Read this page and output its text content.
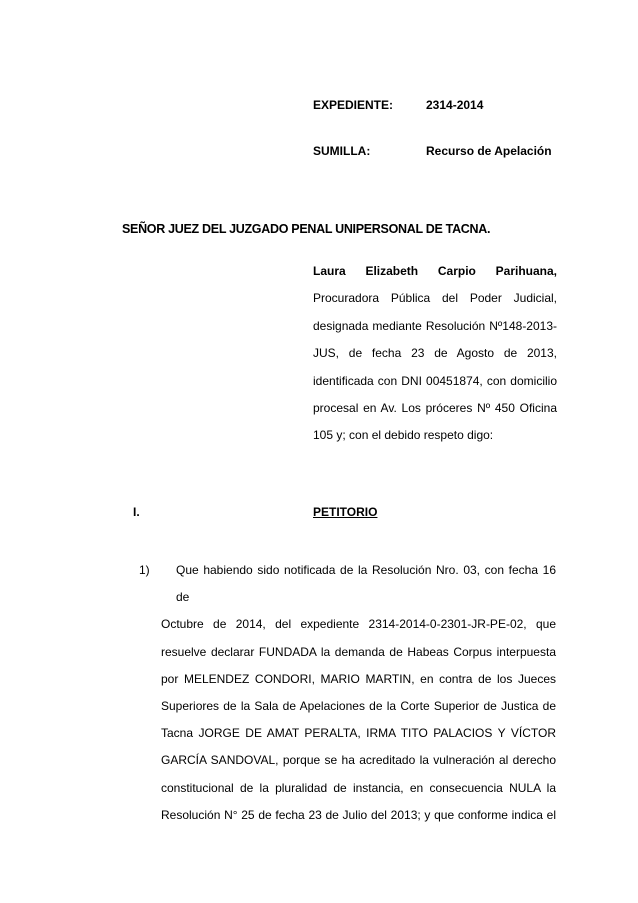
EXPEDIENTE:	2314-2014
SUMILLA:	Recurso de Apelación
SEÑOR JUEZ DEL JUZGADO PENAL UNIPERSONAL DE TACNA.
Laura Elizabeth Carpio Parihuana,
Procuradora Pública del Poder Judicial,
designada mediante Resolución Nº148-2013-
JUS, de fecha 23 de Agosto de 2013,
identificada con DNI 00451874, con domicilio
procesal en Av. Los próceres Nº 450 Oficina
105 y; con el debido respeto digo:
I.	PETITORIO
1)	Que habiendo sido notificada de la Resolución Nro. 03, con fecha 16 de
Octubre de 2014, del expediente 2314-2014-0-2301-JR-PE-02, que
resuelve declarar FUNDADA la demanda de Habeas Corpus interpuesta
por MELENDEZ CONDORI, MARIO MARTIN, en contra de los Jueces
Superiores de la Sala de Apelaciones de la Corte Superior de Justica de
Tacna JORGE DE AMAT PERALTA, IRMA TITO PALACIOS Y VÍCTOR
GARCÍA SANDOVAL, porque se ha acreditado la vulneración al derecho
constitucional de la pluralidad de instancia, en consecuencia NULA la
Resolución N° 25 de fecha 23 de Julio del 2013; y que conforme indica el
